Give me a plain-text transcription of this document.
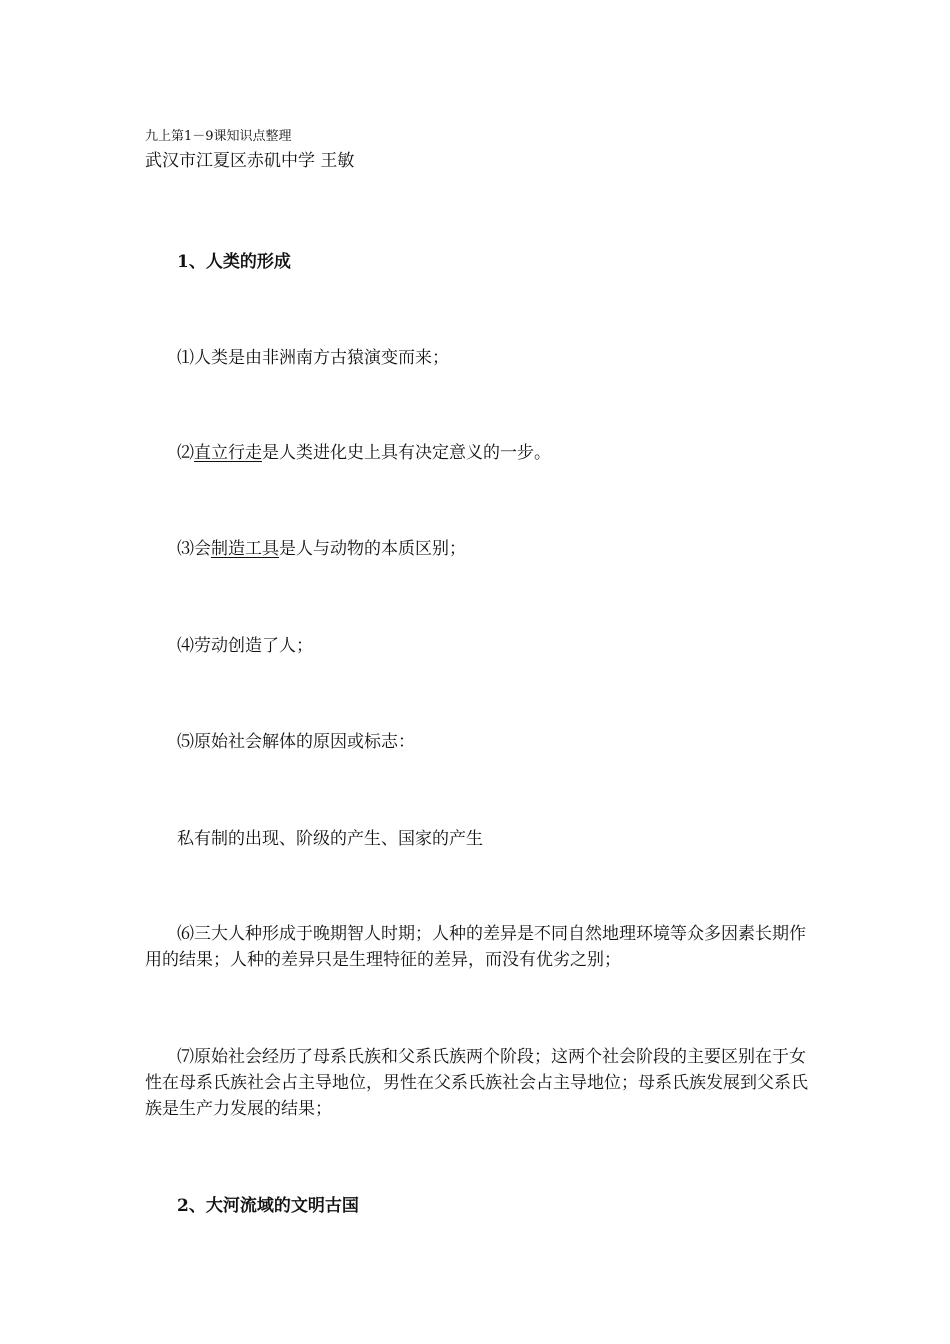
九上第1－9课知识点整理

武汉市江夏区赤矶中学 王敏

1、人类的形成

⑴人类是由非洲南方古猿演变而来；

⑵直立行走是人类进化史上具有决定意义的一步。

⑶会制造工具是人与动物的本质区别；

⑷劳动创造了人；

⑸原始社会解体的原因或标志：

私有制的出现、阶级的产生、国家的产生

⑹三大人种形成于晚期智人时期；人种的差异是不同自然地理环境等众多因素长期作用的结果；人种的差异只是生理特征的差异，而没有优劣之别；

⑺原始社会经历了母系氏族和父系氏族两个阶段；这两个社会阶段的主要区别在于女性在母系氏族社会占主导地位，男性在父系氏族社会占主导地位；母系氏族发展到父系氏族是生产力发展的结果；

2、大河流域的文明古国
